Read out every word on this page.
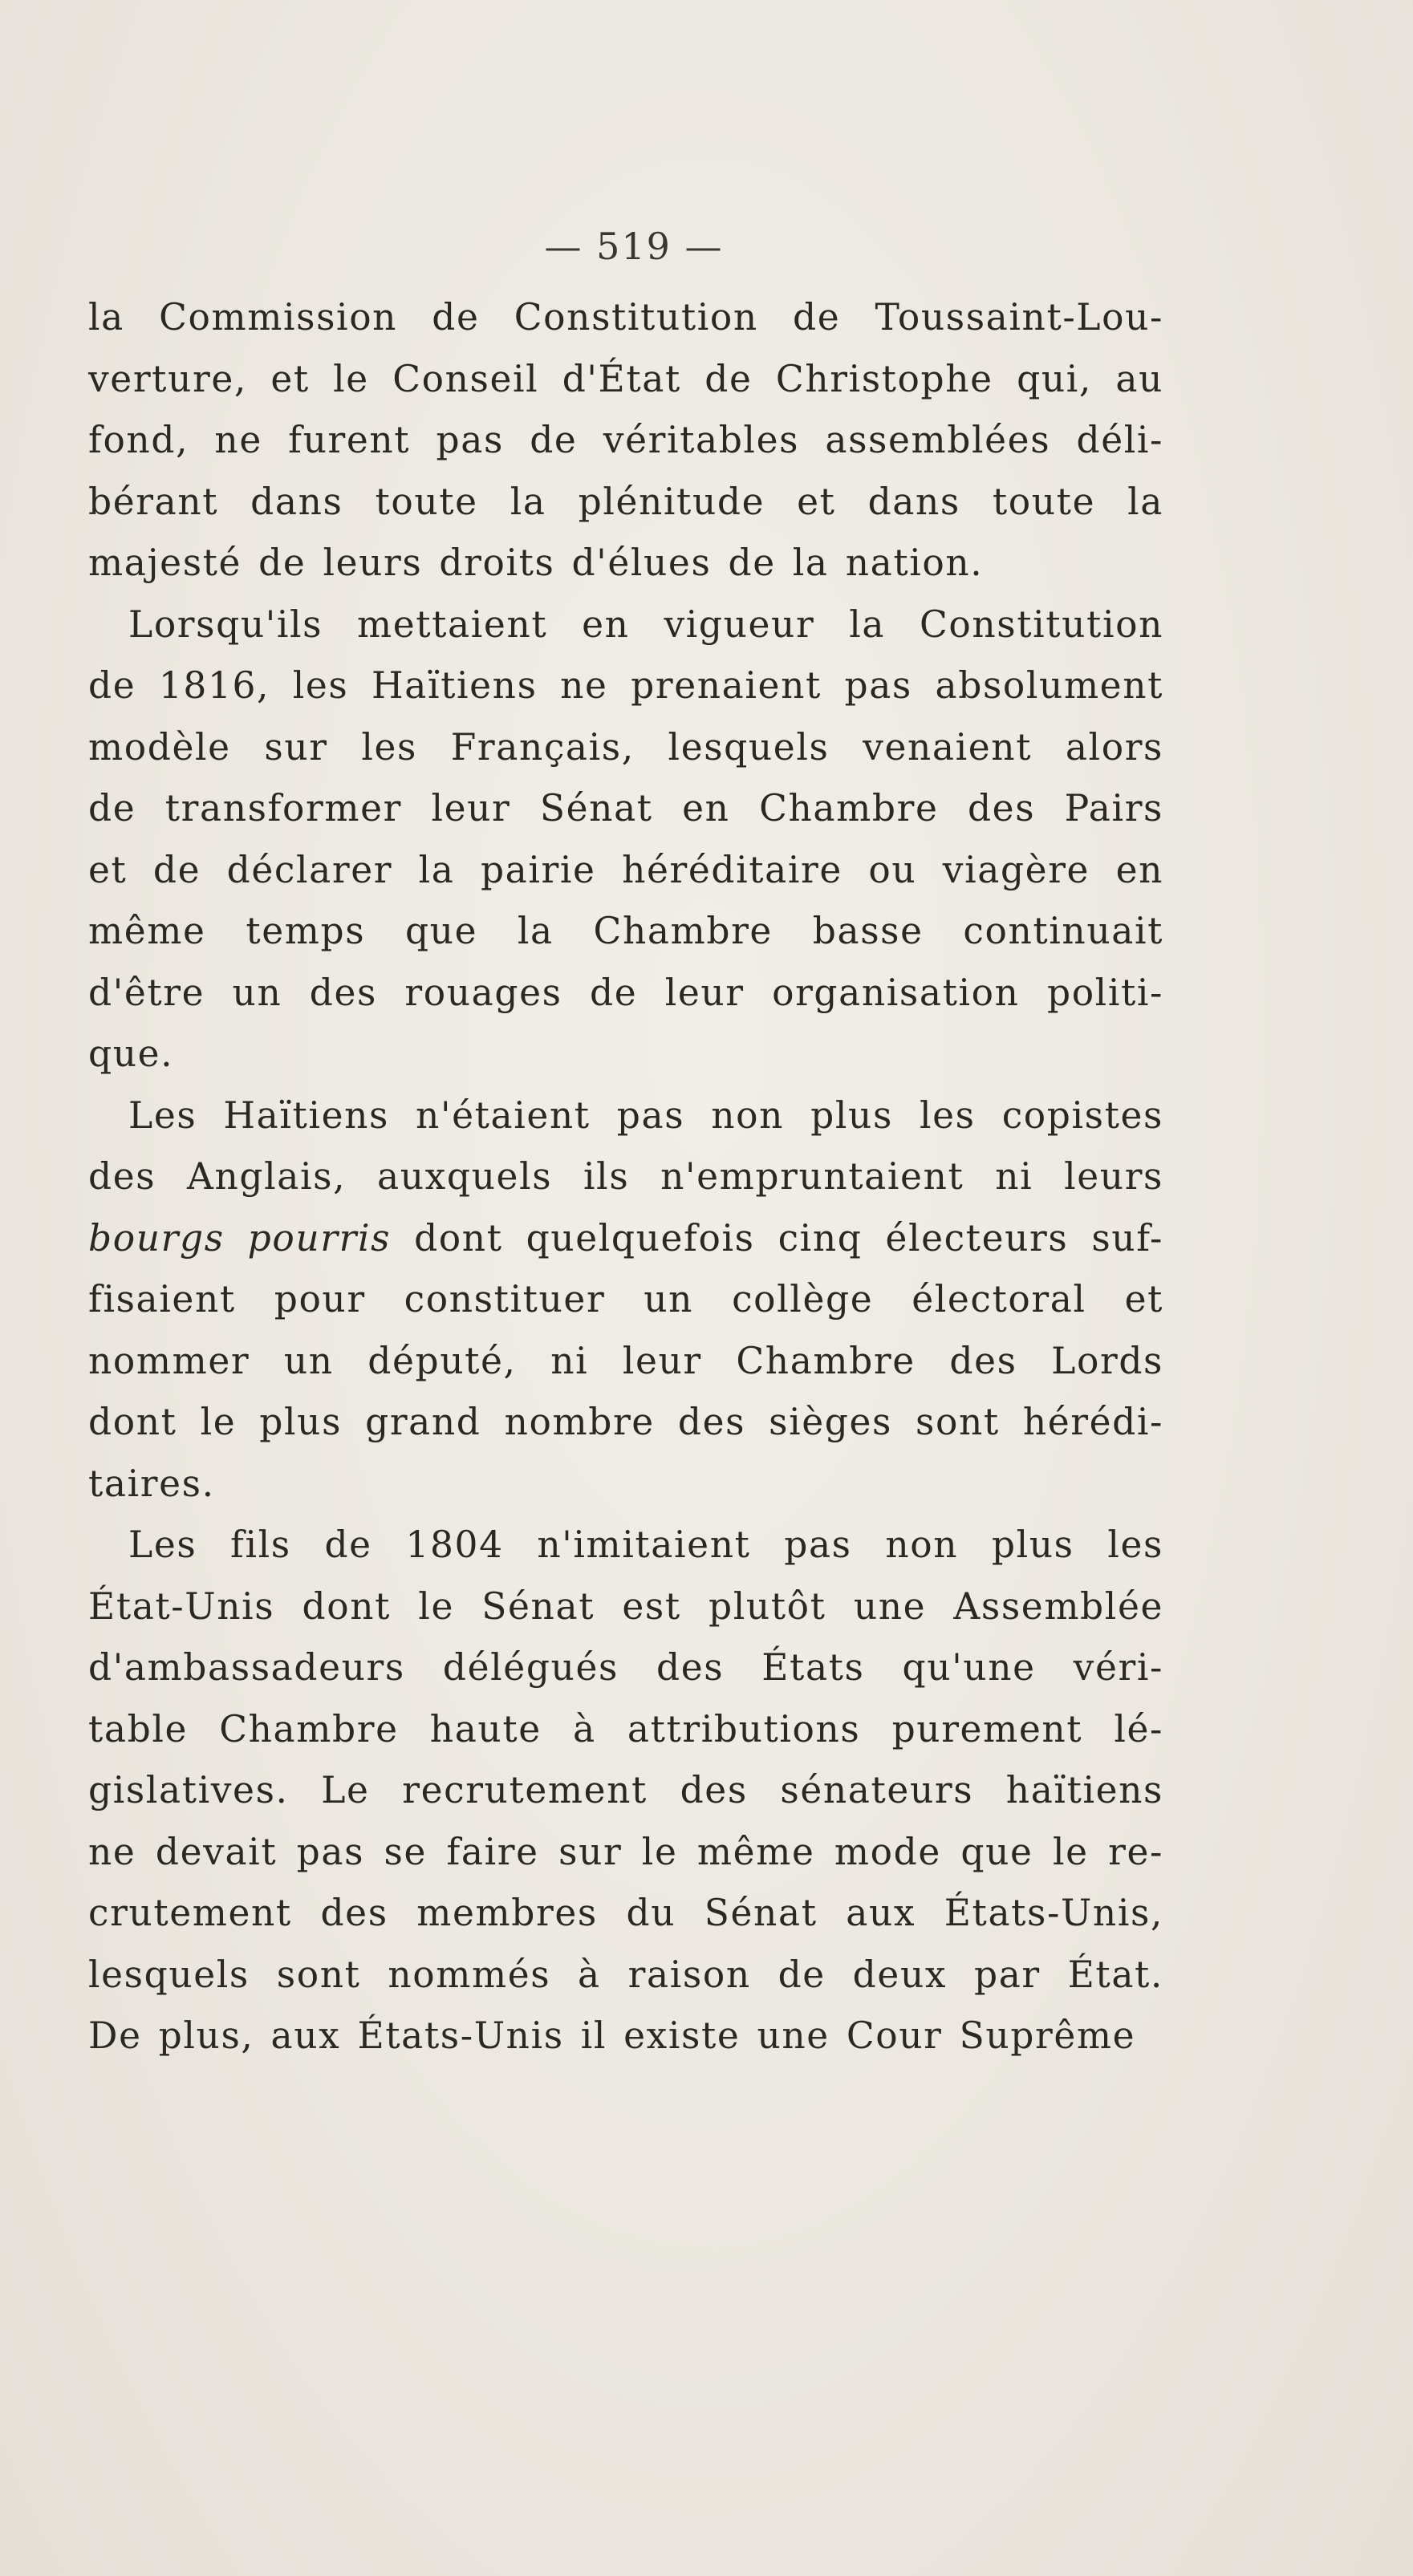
— 519 —

la Commission de Constitution de Toussaint-Lou-
verture, et le Conseil d'État de Christophe qui, au
fond, ne furent pas de véritables assemblées déli-
bérant dans toute la plénitude et dans toute la
majesté de leurs droits d'élues de la nation.

Lorsqu'ils mettaient en vigueur la Constitution
de 1816, les Haïtiens ne prenaient pas absolument
modèle sur les Français, lesquels venaient alors
de transformer leur Sénat en Chambre des Pairs
et de déclarer la pairie héréditaire ou viagère en
même temps que la Chambre basse continuait
d'être un des rouages de leur organisation politi-
que.

Les Haïtiens n'étaient pas non plus les copistes
des Anglais, auxquels ils n'empruntaient ni leurs
bourgs pourris dont quelquefois cinq électeurs suf-
fisaient pour constituer un collège électoral et
nommer un député, ni leur Chambre des Lords
dont le plus grand nombre des sièges sont hérédi-
taires.

Les fils de 1804 n'imitaient pas non plus les
État-Unis dont le Sénat est plutôt une Assemblée
d'ambassadeurs délégués des États qu'une véri-
table Chambre haute à attributions purement lé-
gislatives. Le recrutement des sénateurs haïtiens
ne devait pas se faire sur le même mode que le re-
crutement des membres du Sénat aux États-Unis,
lesquels sont nommés à raison de deux par État.
De plus, aux États-Unis il existe une Cour Suprême
